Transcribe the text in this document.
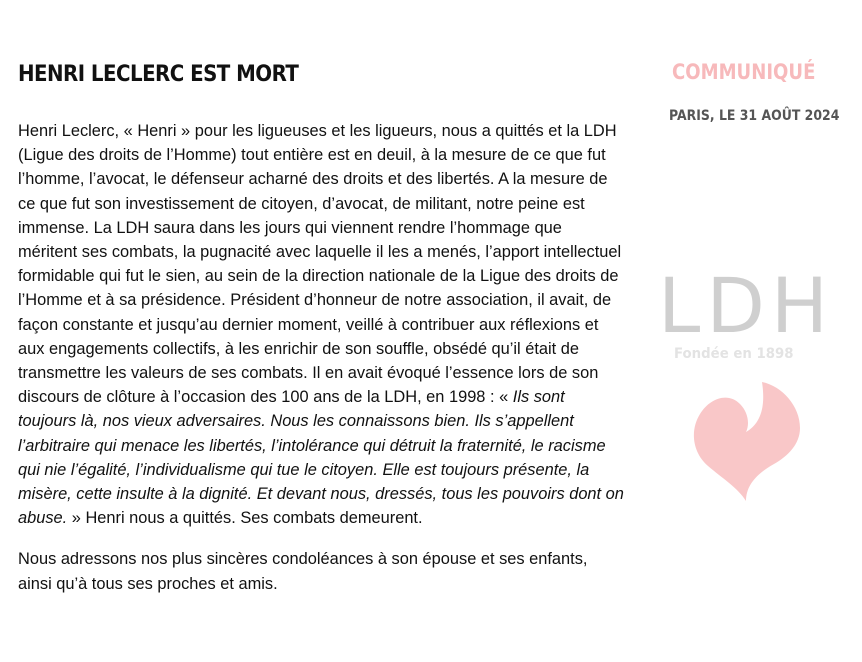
HENRI LECLERC EST MORT

Henri Leclerc, « Henri » pour les ligueuses et les ligueurs, nous a quittés et la LDH (Ligue des droits de l’Homme) tout entière est en deuil, à la mesure de ce que fut l’homme, l’avocat, le défenseur acharné des droits et des libertés. A la mesure de ce que fut son investissement de citoyen, d’avocat, de militant, notre peine est immense. La LDH saura dans les jours qui viennent rendre l’hommage que méritent ses combats, la pugnacité avec laquelle il les a menés, l’apport intellectuel formidable qui fut le sien, au sein de la direction nationale de la Ligue des droits de l’Homme et à sa présidence. Président d’honneur de notre association, il avait, de façon constante et jusqu’au dernier moment, veillé à contribuer aux réflexions et aux engagements collectifs, à les enrichir de son souffle, obsédé qu’il était de transmettre les valeurs de ses combats. Il en avait évoqué l’essence lors de son discours de clôture à l’occasion des 100 ans de la LDH, en 1998 : « Ils sont toujours là, nos vieux adversaires. Nous les connaissons bien. Ils s’appellent l’arbitraire qui menace les libertés, l’intolérance qui détruit la fraternité, le racisme qui nie l’égalité, l’individualisme qui tue le citoyen. Elle est toujours présente, la misère, cette insulte à la dignité. Et devant nous, dressés, tous les pouvoirs dont on abuse. » Henri nous a quittés. Ses combats demeurent.

Nous adressons nos plus sincères condoléances à son épouse et ses enfants, ainsi qu’à tous ses proches et amis.

COMMUNIQUÉ
PARIS, LE 31 AOÛT 2024
LDH
Fondée en 1898
